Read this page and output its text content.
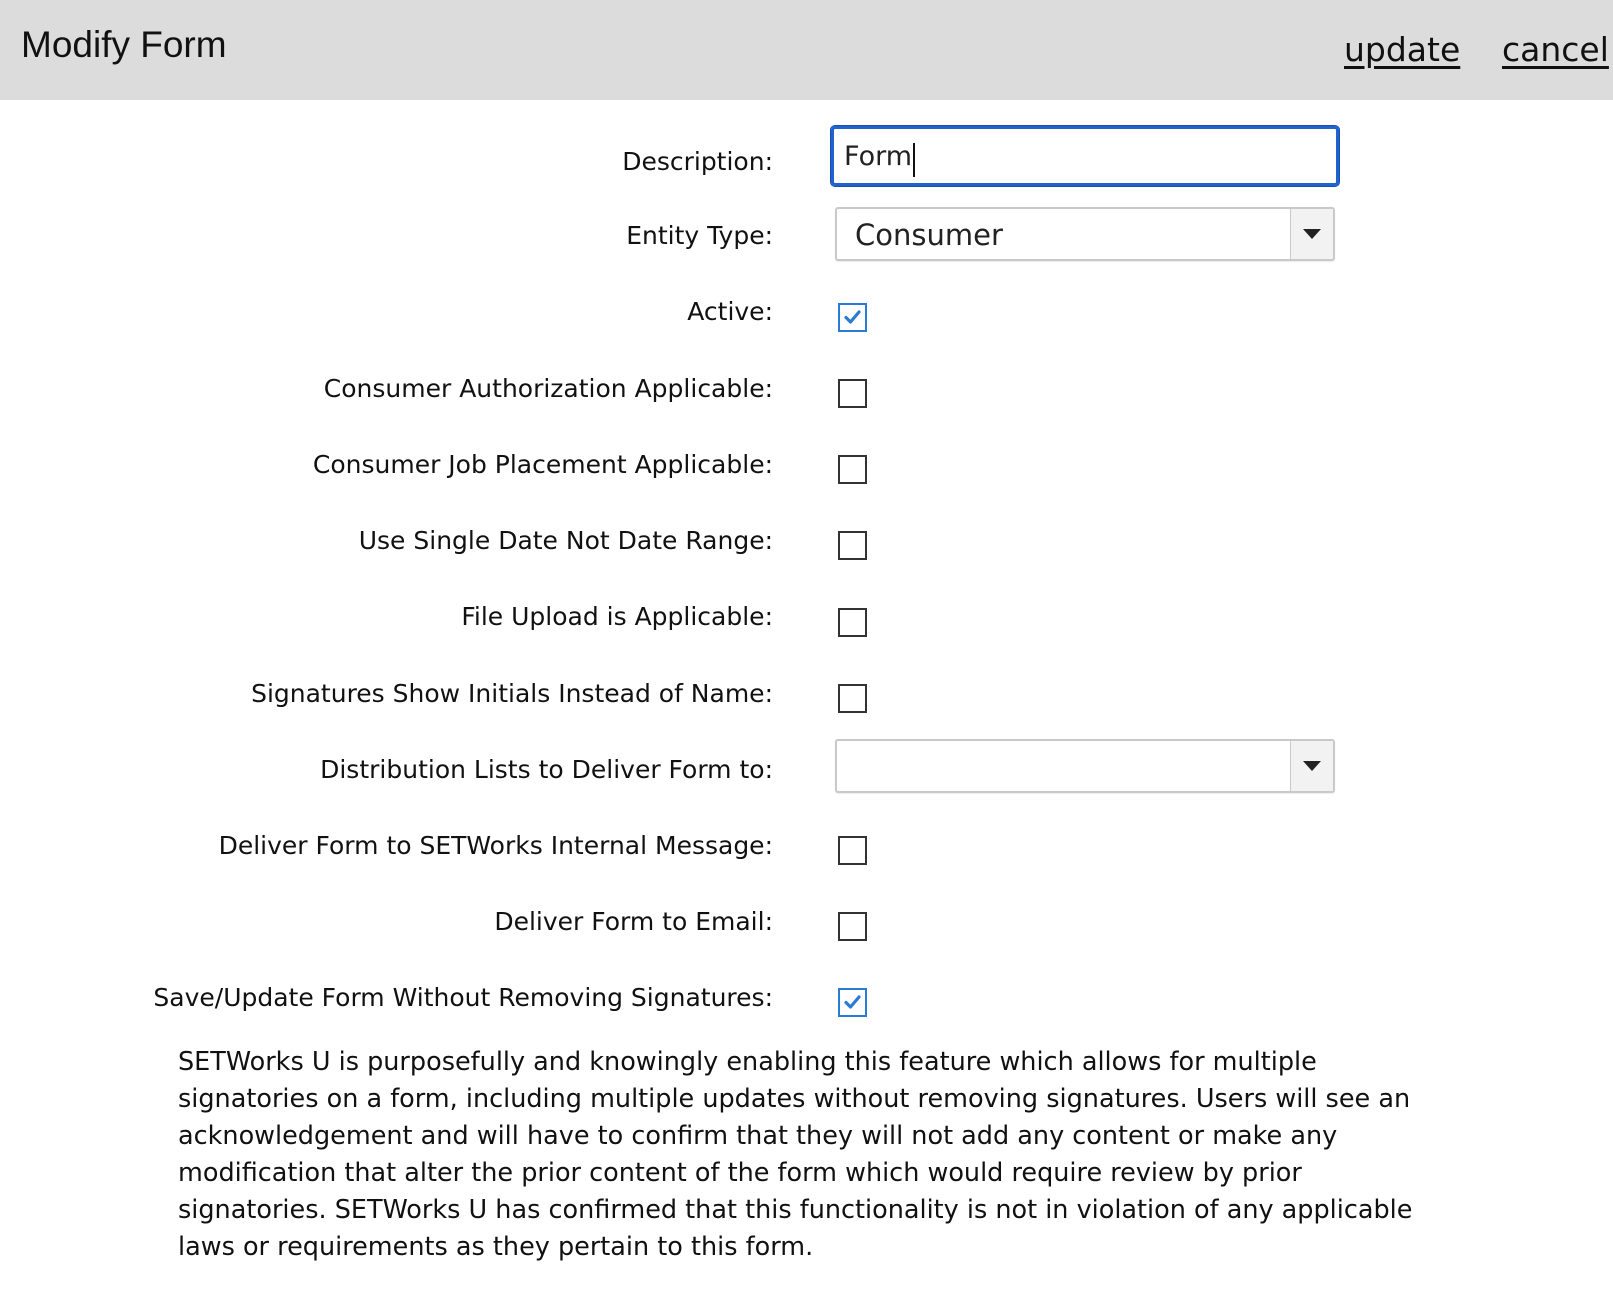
Modify Form	update cancel
Description:
Form
Entity Type:	Consumer
Active:
Consumer Authorization Applicable:
Consumer Job Placement Applicable:
Use Single Date Not Date Range:
File Upload is Applicable:
Signatures Show Initials Instead of Name:
Distribution Lists to Deliver Form to:
Deliver Form to SETWorks Internal Message:
Deliver Form to Email:
Save/Update Form Without Removing Signatures:
SETWorks U is purposefully and knowingly enabling this feature which allows for multiple signatories on a form, including multiple updates without removing signatures. Users will see an acknowledgement and will have to confirm that they will not add any content or make any modification that alter the prior content of the form which would require review by prior signatories. SETWorks U has confirmed that this functionality is not in violation of any applicable laws or requirements as they pertain to this form.
